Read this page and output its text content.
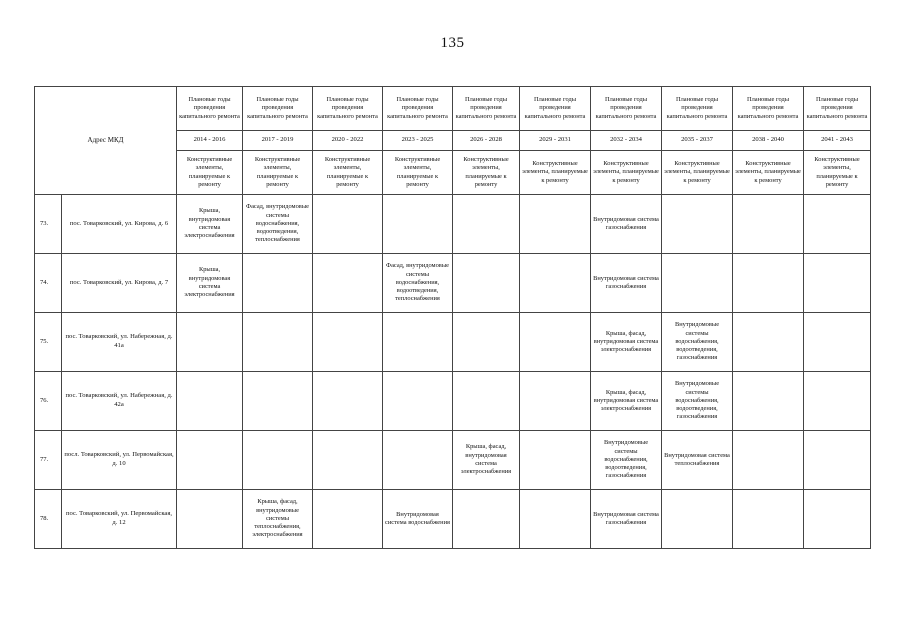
135
Адрес МКД		Плановые годы проведения капитального ремонта	Плановые годы проведения капитального ремонта	Плановые годы проведения капитального ремонта	Плановые годы проведения капитального ремонта	Плановые годы проведения капитального ремонта	Плановые годы проведения капитального ремонта	Плановые годы проведения капитального ремонта	Плановые годы проведения капитального ремонта	Плановые годы проведения капитального ремонта	Плановые годы проведения капитального ремонта
		2014 - 2016	2017 - 2019	2020 - 2022	2023 - 2025	2026 - 2028	2029 - 2031	2032 - 2034	2035 - 2037	2038 - 2040	2041 - 2043
		Конструктивные элементы, планируемые к ремонту	Конструктивные элементы, планируемые к ремонту	Конструктивные элементы, планируемые к ремонту	Конструктивные элементы, планируемые к ремонту	Конструктивные элементы, планируемые к ремонту	Конструктивные элементы, планируемые к ремонту	Конструктивные элементы, планируемые к ремонту	Конструктивные элементы, планируемые к ремонту	Конструктивные элементы, планируемые к ремонту	Конструктивные элементы, планируемые к ремонту
73.	пос. Товарковский, ул. Кирова, д. 6	Крыша, внутридомовая система электроснабжения	Фасад, внутридомовые системы водоснабжения, водоотведения, теплоснабжения					Внутридомовая система газоснабжения			
74.	пос. Товарковский, ул. Кирова, д. 7	Крыша, внутридомовая система электроснабжения			Фасад, внутридомовые системы водоснабжения, водоотведения, теплоснабжения			Внутридомовая система газоснабжения			
75.	пос. Товарковский, ул. Набережная, д. 41а							Крыша, фасад, внутридомовая система электроснабжения	Внутридомовые системы водоснабжения, водоотведения, газоснабжения		
76.	пос. Товарковский, ул. Набережная, д. 42а							Крыша, фасад, внутридомовая система электроснабжения	Внутридомовые системы водоснабжения, водоотведения, газоснабжения		
77.	посл. Товарковский, ул. Первомайская, д. 10					Крыша, фасад, внутридомовая система электроснабжения		Внутридомовые системы водоснабжения, водоотведения, газоснабжения	Внутридомовая система теплоснабжения		
78.	пос. Товарковский, ул. Первомайская, д. 12		Крыша, фасад, внутридомовые системы теплоснабжения, электроснабжения		Внутридомовая система водоснабжения			Внутридомовая система газоснабжения			
